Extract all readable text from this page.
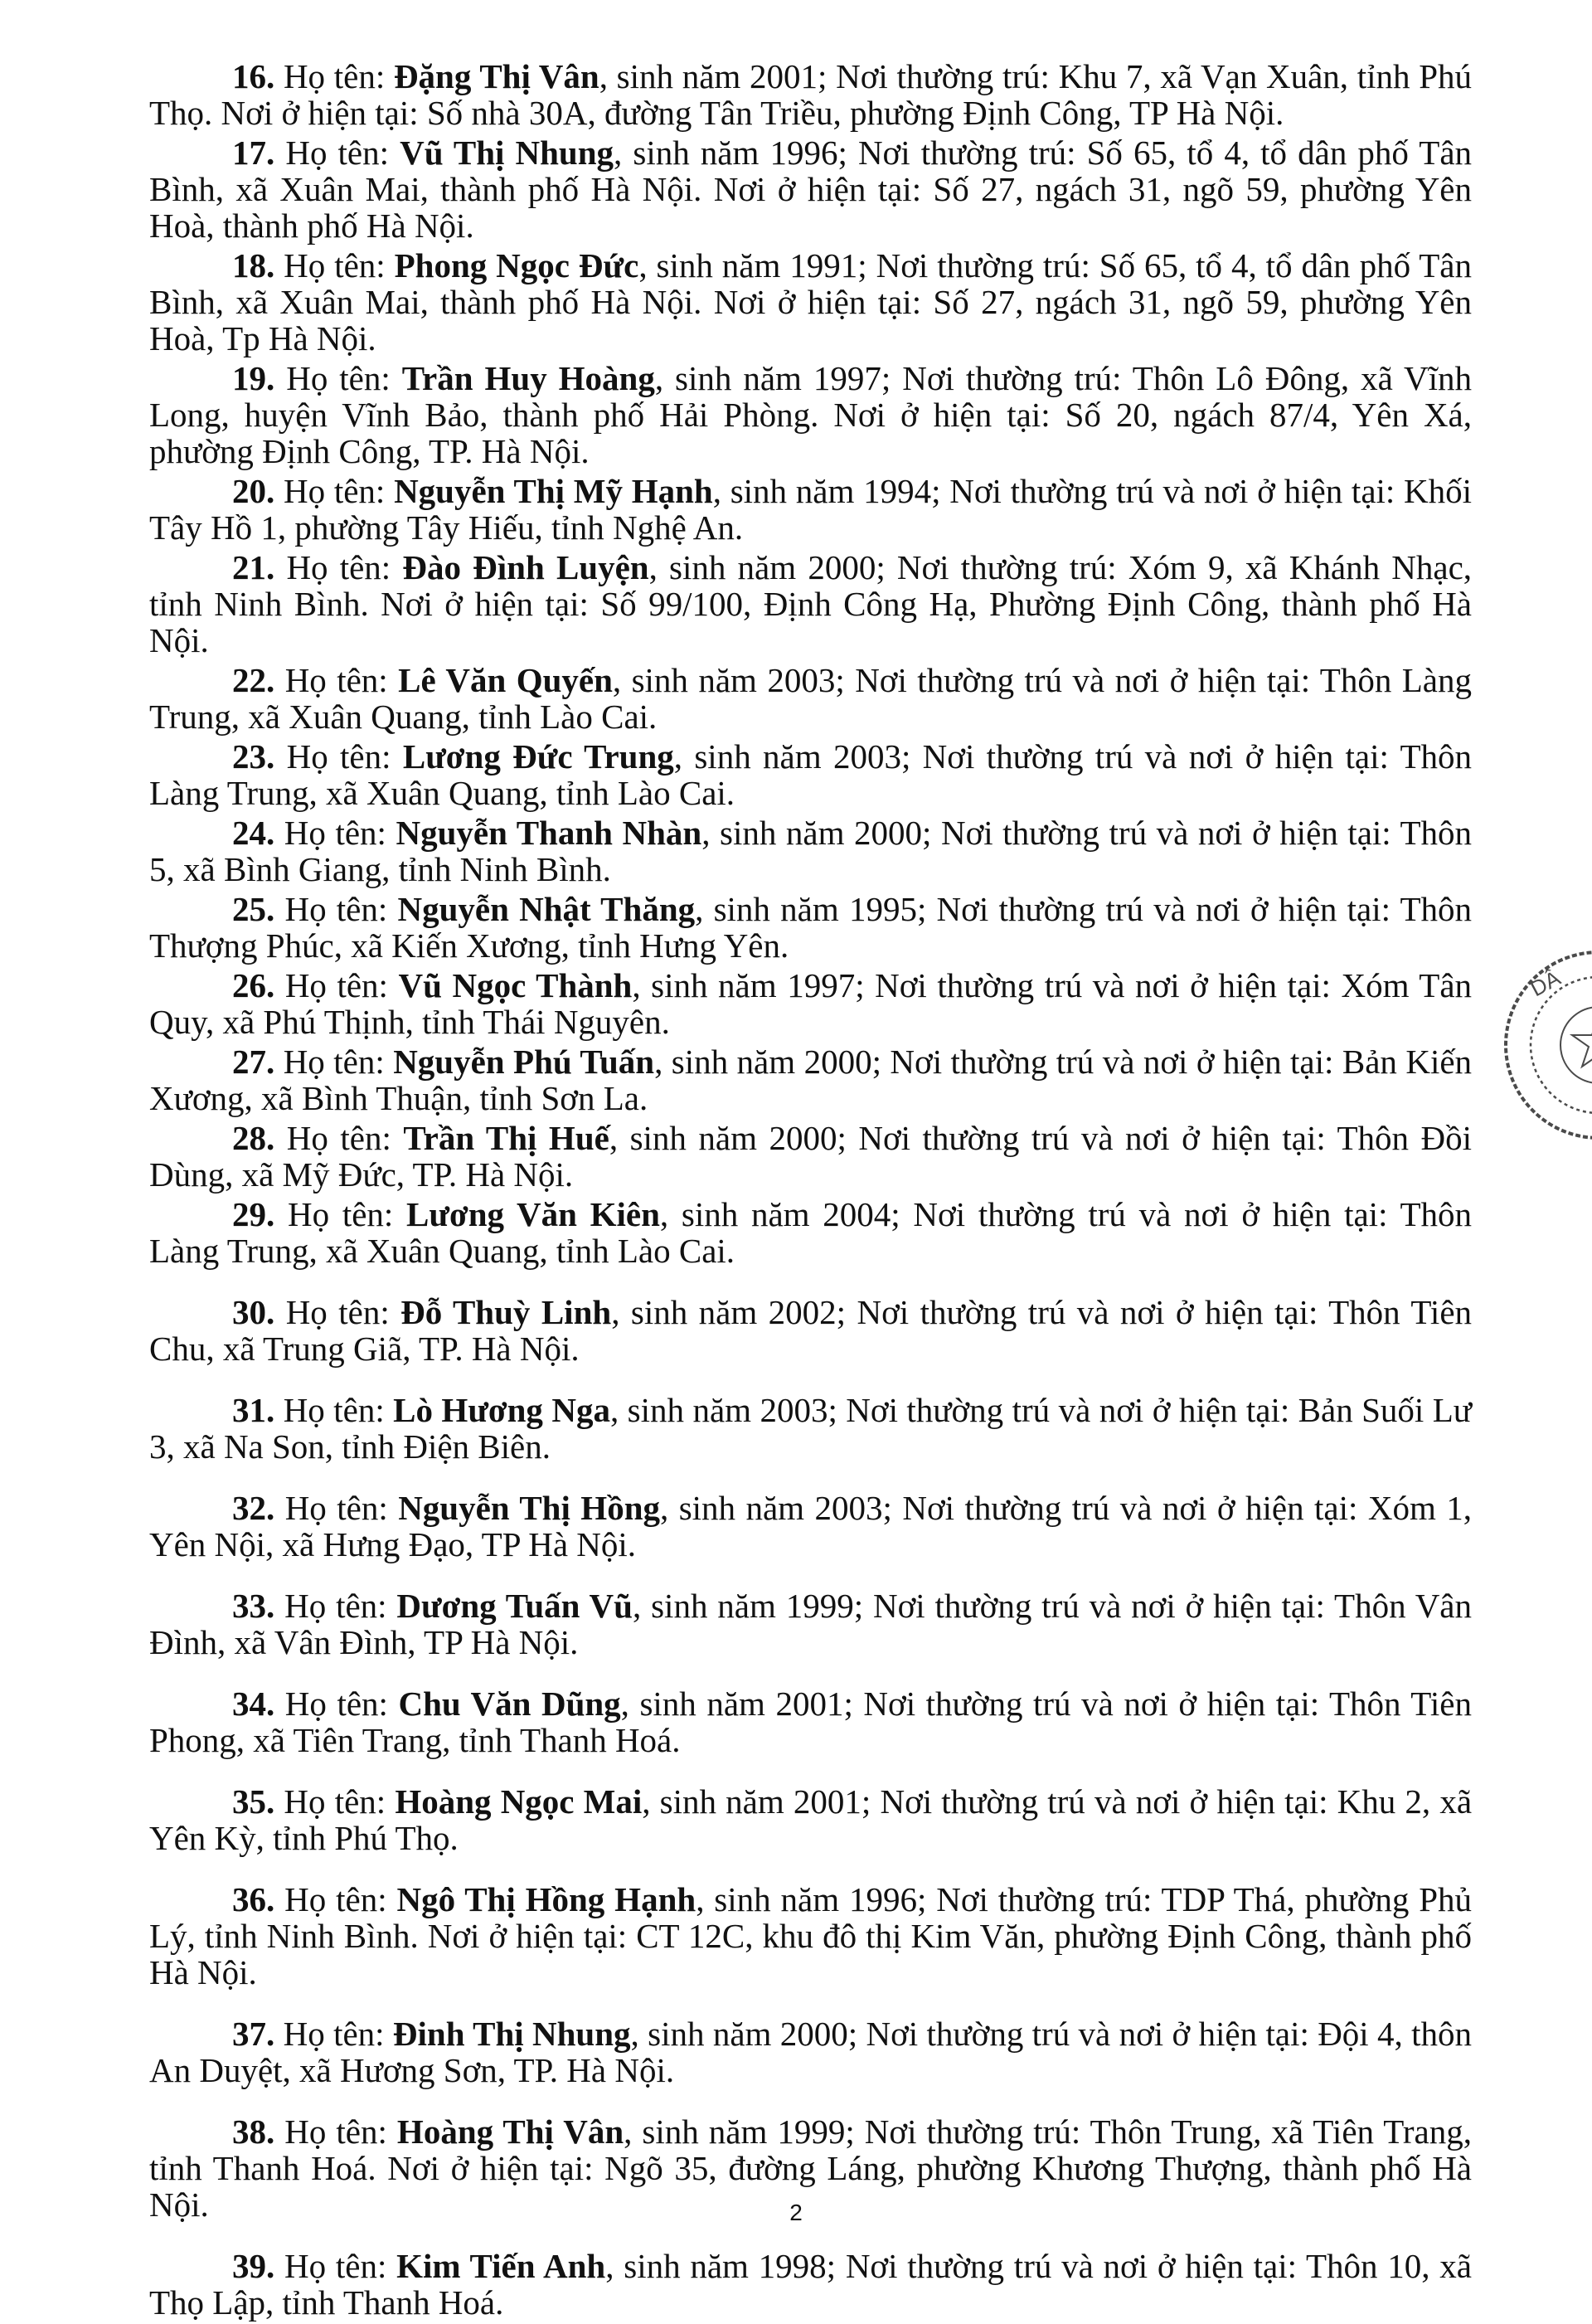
16. Họ tên: Đặng Thị Vân, sinh năm 2001; Nơi thường trú: Khu 7, xã Vạn Xuân, tỉnh Phú Thọ. Nơi ở hiện tại: Số nhà 30A, đường Tân Triều, phường Định Công, TP Hà Nội.

17. Họ tên: Vũ Thị Nhung, sinh năm 1996; Nơi thường trú: Số 65, tổ 4, tổ dân phố Tân Bình, xã Xuân Mai, thành phố Hà Nội. Nơi ở hiện tại: Số 27, ngách 31, ngõ 59, phường Yên Hoà, thành phố Hà Nội.

18. Họ tên: Phong Ngọc Đức, sinh năm 1991; Nơi thường trú: Số 65, tổ 4, tổ dân phố Tân Bình, xã Xuân Mai, thành phố Hà Nội. Nơi ở hiện tại: Số 27, ngách 31, ngõ 59, phường Yên Hoà, Tp Hà Nội.

19. Họ tên: Trần Huy Hoàng, sinh năm 1997; Nơi thường trú: Thôn Lô Đông, xã Vĩnh Long, huyện Vĩnh Bảo, thành phố Hải Phòng. Nơi ở hiện tại: Số 20, ngách 87/4, Yên Xá, phường Định Công, TP. Hà Nội.

20. Họ tên: Nguyễn Thị Mỹ Hạnh, sinh năm 1994; Nơi thường trú và nơi ở hiện tại: Khối Tây Hồ 1, phường Tây Hiếu, tỉnh Nghệ An.

21. Họ tên: Đào Đình Luyện, sinh năm 2000; Nơi thường trú: Xóm 9, xã Khánh Nhạc, tỉnh Ninh Bình. Nơi ở hiện tại: Số 99/100, Định Công Hạ, Phường Định Công, thành phố Hà Nội.

22. Họ tên: Lê Văn Quyến, sinh năm 2003; Nơi thường trú và nơi ở hiện tại: Thôn Làng Trung, xã Xuân Quang, tỉnh Lào Cai.

23. Họ tên: Lương Đức Trung, sinh năm 2003; Nơi thường trú và nơi ở hiện tại: Thôn Làng Trung, xã Xuân Quang, tỉnh Lào Cai.

24. Họ tên: Nguyễn Thanh Nhàn, sinh năm 2000; Nơi thường trú và nơi ở hiện tại: Thôn 5, xã Bình Giang, tỉnh Ninh Bình.

25. Họ tên: Nguyễn Nhật Thăng, sinh năm 1995; Nơi thường trú và nơi ở hiện tại: Thôn Thượng Phúc, xã Kiến Xương, tỉnh Hưng Yên.

26. Họ tên: Vũ Ngọc Thành, sinh năm 1997; Nơi thường trú và nơi ở hiện tại: Xóm Tân Quy, xã Phú Thịnh, tỉnh Thái Nguyên.

27. Họ tên: Nguyễn Phú Tuấn, sinh năm 2000; Nơi thường trú và nơi ở hiện tại: Bản Kiến Xương, xã Bình Thuận, tỉnh Sơn La.

28. Họ tên: Trần Thị Huế, sinh năm 2000; Nơi thường trú và nơi ở hiện tại: Thôn Đồi Dùng, xã Mỹ Đức, TP. Hà Nội.

29. Họ tên: Lương Văn Kiên, sinh năm 2004; Nơi thường trú và nơi ở hiện tại: Thôn Làng Trung, xã Xuân Quang, tỉnh Lào Cai.

30. Họ tên: Đỗ Thuỳ Linh, sinh năm 2002; Nơi thường trú và nơi ở hiện tại: Thôn Tiên Chu, xã Trung Giã, TP. Hà Nội.

31. Họ tên: Lò Hương Nga, sinh năm 2003; Nơi thường trú và nơi ở hiện tại: Bản Suối Lư 3, xã Na Son, tỉnh Điện Biên.

32. Họ tên: Nguyễn Thị Hồng, sinh năm 2003; Nơi thường trú và nơi ở hiện tại: Xóm 1, Yên Nội, xã Hưng Đạo, TP Hà Nội.

33. Họ tên: Dương Tuấn Vũ, sinh năm 1999; Nơi thường trú và nơi ở hiện tại: Thôn Vân Đình, xã Vân Đình, TP Hà Nội.

34. Họ tên: Chu Văn Dũng, sinh năm 2001; Nơi thường trú và nơi ở hiện tại: Thôn Tiên Phong, xã Tiên Trang, tỉnh Thanh Hoá.

35. Họ tên: Hoàng Ngọc Mai, sinh năm 2001; Nơi thường trú và nơi ở hiện tại: Khu 2, xã Yên Kỳ, tỉnh Phú Thọ.

36. Họ tên: Ngô Thị Hồng Hạnh, sinh năm 1996; Nơi thường trú: TDP Thá, phường Phủ Lý, tỉnh Ninh Bình. Nơi ở hiện tại: CT 12C, khu đô thị Kim Văn, phường Định Công, thành phố Hà Nội.

37. Họ tên: Đinh Thị Nhung, sinh năm 2000; Nơi thường trú và nơi ở hiện tại: Đội 4, thôn An Duyệt, xã Hương Sơn, TP. Hà Nội.

38. Họ tên: Hoàng Thị Vân, sinh năm 1999; Nơi thường trú: Thôn Trung, xã Tiên Trang, tỉnh Thanh Hoá. Nơi ở hiện tại: Ngõ 35, đường Láng, phường Khương Thượng, thành phố Hà Nội.

39. Họ tên: Kim Tiến Anh, sinh năm 1998; Nơi thường trú và nơi ở hiện tại: Thôn 10, xã Thọ Lập, tỉnh Thanh Hoá.

DÂ
2
